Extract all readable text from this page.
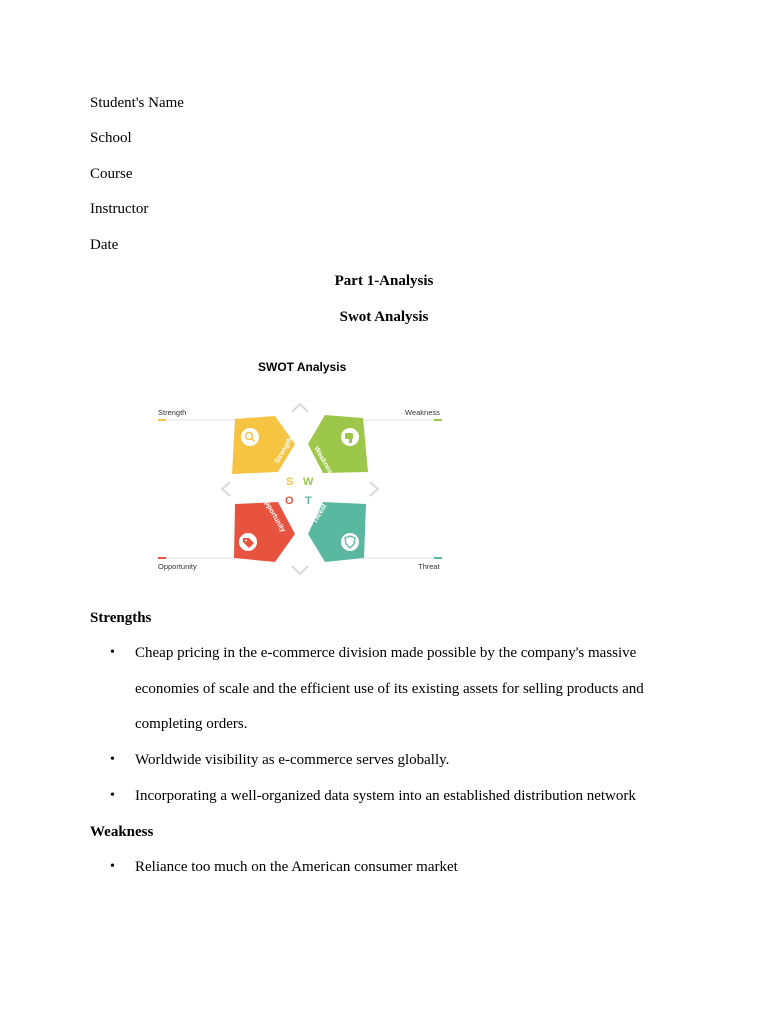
Student's Name
School
Course
Instructor
Date
Part 1-Analysis
Swot Analysis
SWOT Analysis
Strength	Weakness
Opportunity	Threat
Strength	Weakness
Opportunity	Threat
S W
O T
Strengths
• Cheap pricing in the e-commerce division made possible by the company's massive
economies of scale and the efficient use of its existing assets for selling products and
completing orders.
• Worldwide visibility as e-commerce serves globally.
• Incorporating a well-organized data system into an established distribution network
Weakness
• Reliance too much on the American consumer market
